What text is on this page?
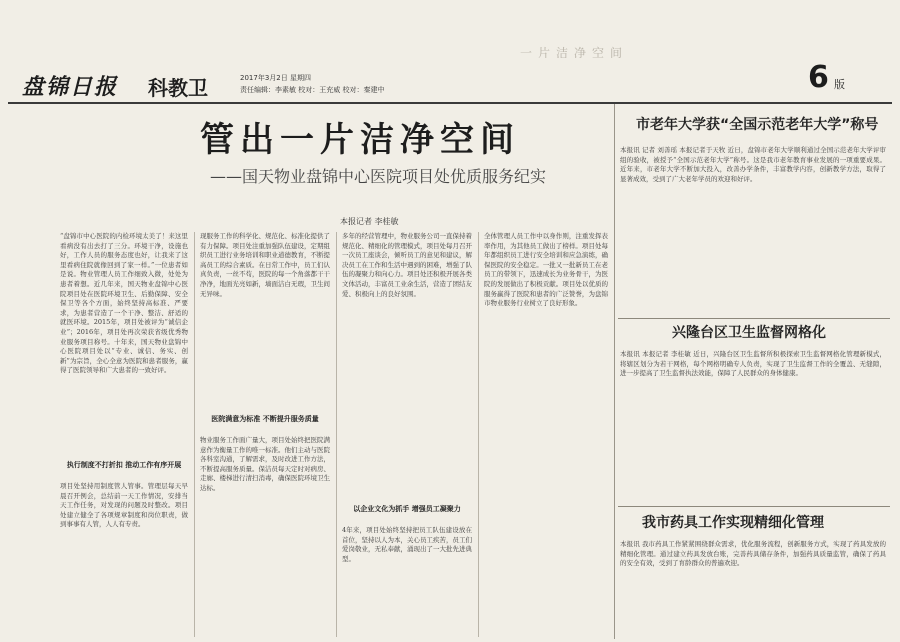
一片洁净空间
盘锦日报 科教卫	2017年3月2日 星期四
责任编辑：李素敏 校对：王充威 校对：秦建中	6 版
管出一片洁净空间
——国天物业盘锦中心医院项目处优质服务纪实
本报记者 李桂敏
“盘锦市中心医院的内检环境太美了！来这里看病没有出去打了三分。环境干净，设施也好，工作人员的服务态度也好，让我来了这里看病住院就像回到了家一样。”一位患者如是说。物业管理人员工作细致入微，处处为患者着想。近几年来，国天物业盘锦中心医院项目处在医院环境卫生、后勤保障、安全保卫等各个方面，始终坚持高标准、严要求，为患者营造了一个干净、整洁、舒适的就医环境。2015年，项目处被评为“诚信企业”；2016年，项目处再次荣获省级优秀物业服务项目称号。十年来，国天物业盘锦中心医院项目处以“专业、诚信、务实、创新”为宗旨，全心全意为医院和患者服务，赢得了医院领导和广大患者的一致好评。
执行制度不打折扣 推动工作有序开展
项目处坚持用制度管人管事。管理层每天早晨召开例会，总结前一天工作情况，安排当天工作任务，对发现的问题及时整改。项目处建立健全了各项规章制度和岗位职责，做到事事有人管，人人有专责。
现服务工作的科学化、规范化、标准化提供了有力保障。项目处注重加强队伍建设，定期组织员工进行业务培训和职业道德教育，不断提高员工的综合素质。在日常工作中，员工们认真负责，一丝不苟，医院的每一个角落都干干净净，地面光亮如新，墙面洁白无瑕，卫生间无异味。
医院满意为标准 不断提升服务质量
物业服务工作面广量大，项目处始终把医院满意作为衡量工作的唯一标准。他们主动与医院各科室沟通，了解需求，及时改进工作方法，不断提高服务质量。保洁员每天定时对病房、走廊、楼梯进行清扫消毒，确保医院环境卫生达标。
多年的经营管理中，物业服务公司一直保持着规范化、精细化的管理模式，项目处每月召开一次员工座谈会，倾听员工的意见和建议，解决员工在工作和生活中遇到的困难，增强了队伍的凝聚力和向心力。项目处还积极开展各类文体活动，丰富员工业余生活，营造了团结友爱、积极向上的良好氛围。
以企业文化为抓手 增强员工凝聚力
4年来，项目处始终坚持把员工队伍建设放在首位，坚持以人为本，关心员工疾苦，员工们爱岗敬业，无私奉献，涌现出了一大批先进典型。
全体管理人员工作中以身作则，注重发挥表率作用，为其他员工做出了榜样。项目处每年都组织员工进行安全培训和应急演练，确保医院的安全稳定。一批又一批新员工在老员工的带领下，迅速成长为业务骨干，为医院的发展做出了积极贡献。项目处以优质的服务赢得了医院和患者的广泛赞誉，为盘锦市物业服务行业树立了良好形象。
市老年大学获“全国示范老年大学”称号
本报讯 记者 刘善瑶 本报记者于天牧 近日，盘锦市老年大学顺利通过全国示范老年大学评审组的验收，被授予“全国示范老年大学”称号。这是我市老年教育事业发展的一项重要成果。近年来，市老年大学不断加大投入，改善办学条件，丰富教学内容，创新教学方法，取得了显著成效，受到了广大老年学员的欢迎和好评。
兴隆台区卫生监督网格化
本报讯 本报记者 李桂敏 近日，兴隆台区卫生监督所积极探索卫生监督网格化管理新模式，将辖区划分为若干网格，每个网格明确专人负责，实现了卫生监督工作的全覆盖、无缝隙，进一步提高了卫生监督执法效能，保障了人民群众的身体健康。
我市药具工作实现精细化管理
本报讯 我市药具工作紧紧围绕群众需求，优化服务流程，创新服务方式，实现了药具发放的精细化管理。通过建立药具发放台账，完善药具储存条件，加强药具质量监管，确保了药具的安全有效，受到了育龄群众的普遍欢迎。
